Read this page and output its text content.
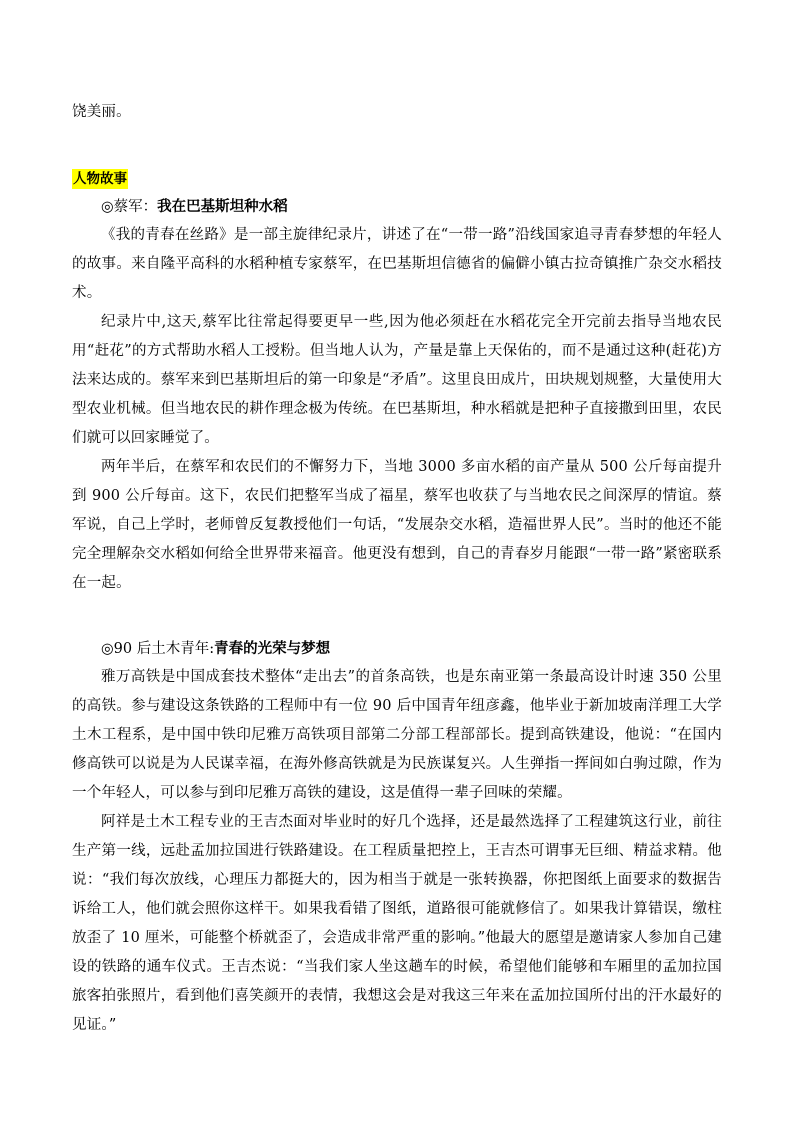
饶美丽。

人物故事

◎蔡军：我在巴基斯坦种水稻

《我的青春在丝路》是一部主旋律纪录片，讲述了在“一带一路”沿线国家追寻青春梦想的年轻人的故事。来自隆平高科的水稻种植专家蔡军，在巴基斯坦信德省的偏僻小镇古拉奇镇推广杂交水稻技术。

纪录片中,这天,蔡军比往常起得要更早一些,因为他必须赶在水稻花完全开完前去指导当地农民用“赶花”的方式帮助水稻人工授粉。但当地人认为，产量是靠上天保佑的，而不是通过这种(赶花)方法来达成的。蔡军来到巴基斯坦后的第一印象是“矛盾”。这里良田成片，田块规划规整，大量使用大型农业机械。但当地农民的耕作理念极为传统。在巴基斯坦，种水稻就是把种子直接撒到田里，农民们就可以回家睡觉了。

两年半后，在蔡军和农民们的不懈努力下，当地 3000 多亩水稻的亩产量从 500 公斤每亩提升到 900 公斤每亩。这下，农民们把整军当成了福星，蔡军也收获了与当地农民之间深厚的情谊。蔡军说，自己上学时，老师曾反复教授他们一句话，“发展杂交水稻，造福世界人民”。当时的他还不能完全理解杂交水稻如何给全世界带来福音。他更没有想到，自己的青春岁月能跟“一带一路”紧密联系在一起。

◎90 后土木青年:青春的光荣与梦想

雅万高铁是中国成套技术整体“走出去”的首条高铁，也是东南亚第一条最高设计时速 350 公里的高铁。参与建设这条铁路的工程师中有一位 90 后中国青年纽彦鑫，他毕业于新加坡南洋理工大学土木工程系，是中国中铁印尼雅万高铁项目部第二分部工程部部长。提到高铁建设，他说：“在国内修高铁可以说是为人民谋幸福，在海外修高铁就是为民族谋复兴。人生弹指一挥间如白驹过隙，作为一个年轻人，可以参与到印尼雅万高铁的建设，这是值得一辈子回味的荣耀。

阿祥是土木工程专业的王吉杰面对毕业时的好几个选择，还是最然选择了工程建筑这行业，前往生产第一线，远赴孟加拉国进行铁路建设。在工程质量把控上，王吉杰可谓事无巨细、精益求精。他说：“我们每次放线，心理压力都挺大的，因为相当于就是一张转换器，你把图纸上面要求的数据告诉给工人，他们就会照你这样干。如果我看错了图纸，道路很可能就修信了。如果我计算错误，缴柱放歪了 10 厘米，可能整个桥就歪了，会造成非常严重的影响。”他最大的愿望是邀请家人参加自己建设的铁路的通车仪式。王吉杰说：“当我们家人坐这趟车的时候，希望他们能够和车厢里的孟加拉国旅客拍张照片，看到他们喜笑颜开的表情，我想这会是对我这三年来在孟加拉国所付出的汗水最好的见证。”
